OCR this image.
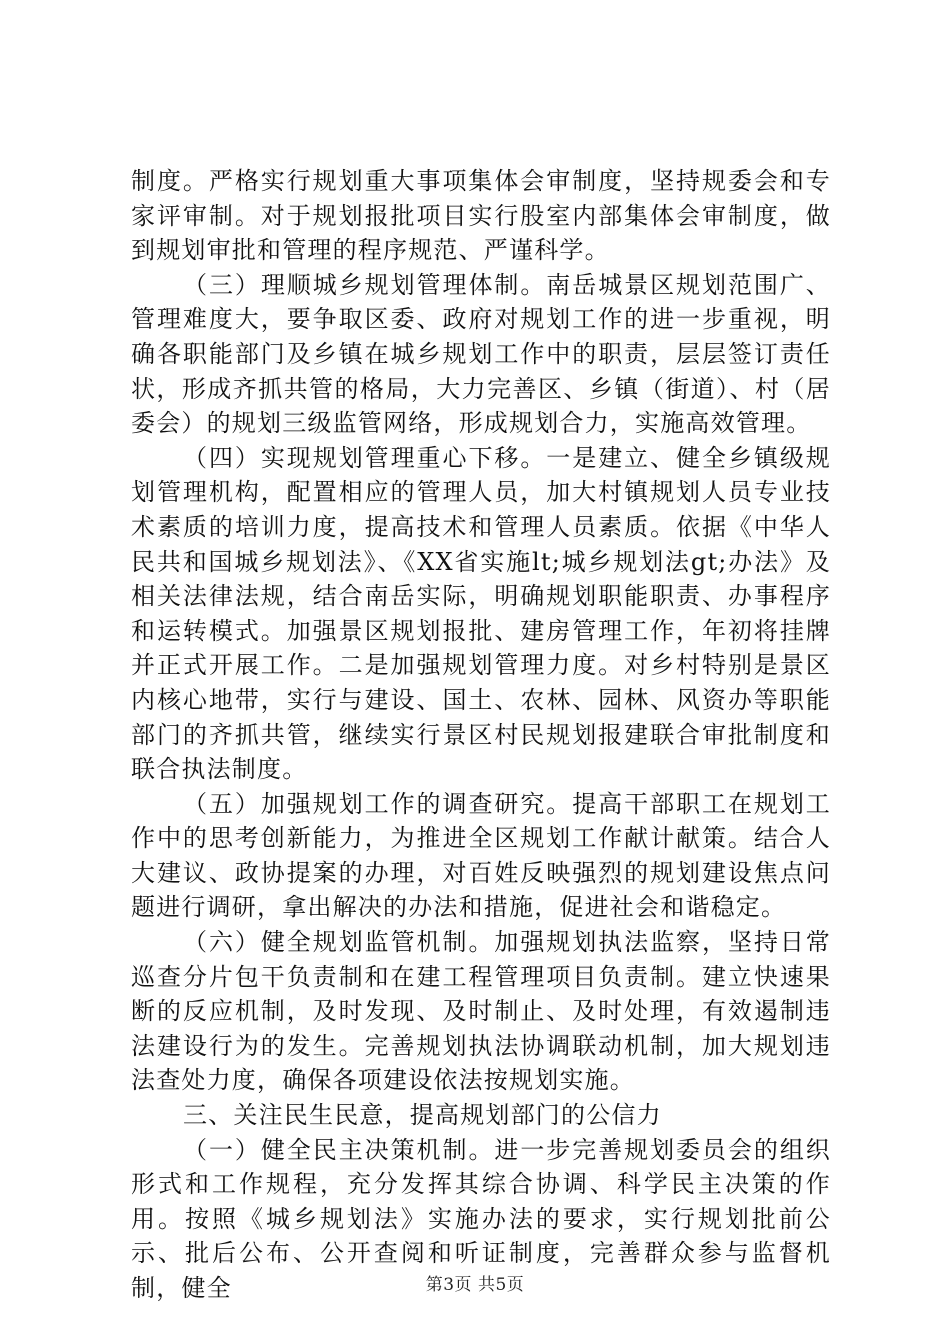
制度。严格实行规划重大事项集体会审制度，坚持规委会和专家评审制。对于规划报批项目实行股室内部集体会审制度，做到规划审批和管理的程序规范、严谨科学。

（三）理顺城乡规划管理体制。南岳城景区规划范围广、管理难度大，要争取区委、政府对规划工作的进一步重视，明确各职能部门及乡镇在城乡规划工作中的职责，层层签订责任状，形成齐抓共管的格局，大力完善区、乡镇（街道）、村（居委会）的规划三级监管网络，形成规划合力，实施高效管理。

（四）实现规划管理重心下移。一是建立、健全乡镇级规划管理机构，配置相应的管理人员，加大村镇规划人员专业技术素质的培训力度，提高技术和管理人员素质。依据《中华人民共和国城乡规划法》、《XX省实施lt;城乡规划法gt;办法》及相关法律法规，结合南岳实际，明确规划职能职责、办事程序和运转模式。加强景区规划报批、建房管理工作，年初将挂牌并正式开展工作。二是加强规划管理力度。对乡村特别是景区内核心地带，实行与建设、国土、农林、园林、风资办等职能部门的齐抓共管，继续实行景区村民规划报建联合审批制度和联合执法制度。

（五）加强规划工作的调查研究。提高干部职工在规划工作中的思考创新能力，为推进全区规划工作献计献策。结合人大建议、政协提案的办理，对百姓反映强烈的规划建设焦点问题进行调研，拿出解决的办法和措施，促进社会和谐稳定。

（六）健全规划监管机制。加强规划执法监察，坚持日常巡查分片包干负责制和在建工程管理项目负责制。建立快速果断的反应机制，及时发现、及时制止、及时处理，有效遏制违法建设行为的发生。完善规划执法协调联动机制，加大规划违法查处力度，确保各项建设依法按规划实施。

三、关注民生民意，提高规划部门的公信力

（一）健全民主决策机制。进一步完善规划委员会的组织形式和工作规程，充分发挥其综合协调、科学民主决策的作用。按照《城乡规划法》实施办法的要求，实行规划批前公示、批后公布、公开查阅和听证制度，完善群众参与监督机制，健全	第3页 共5页
